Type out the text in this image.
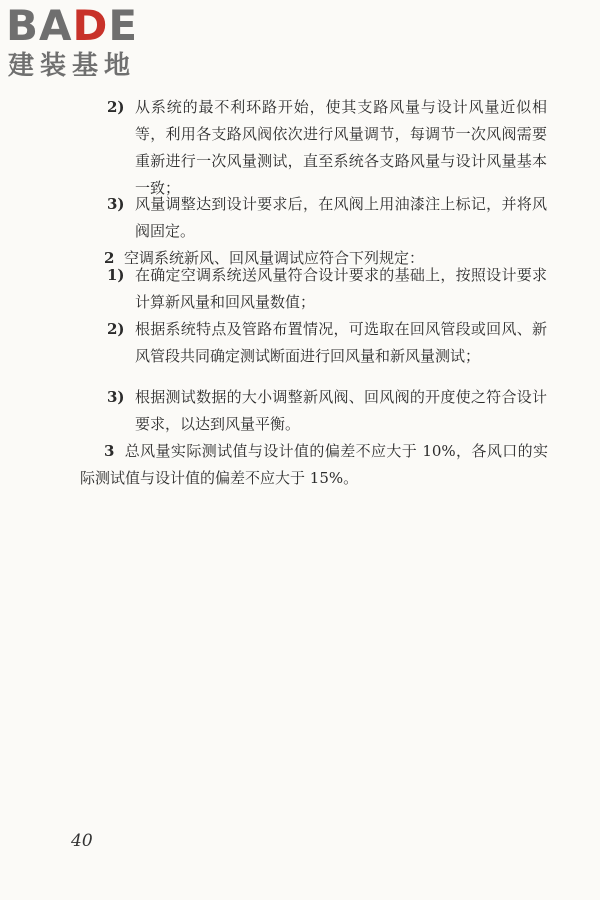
BADE
建装基地
2) 从系统的最不利环路开始，使其支路风量与设计风量近似相等，利用各支路风阀依次进行风量调节，每调节一次风阀需要重新进行一次风量测试，直至系统各支路风量与设计风量基本一致；
3) 风量调整达到设计要求后，在风阀上用油漆注上标记，并将风阀固定。
2 空调系统新风、回风量调试应符合下列规定：
1) 在确定空调系统送风量符合设计要求的基础上，按照设计要求计算新风量和回风量数值；
2) 根据系统特点及管路布置情况，可选取在回风管段或回风、新风管段共同确定测试断面进行回风量和新风量测试；
3) 根据测试数据的大小调整新风阀、回风阀的开度使之符合设计要求，以达到风量平衡。
3 总风量实际测试值与设计值的偏差不应大于 10%，各风口的实际测试值与设计值的偏差不应大于 15%。
40
